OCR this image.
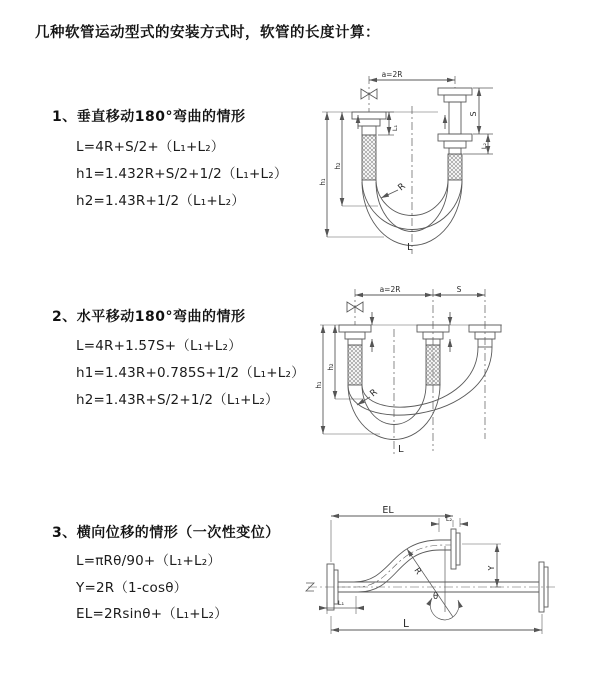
几种软管运动型式的安装方式时，软管的长度计算：
1、垂直移动180°弯曲的情形
L=4R+S/2+（L₁+L₂）
h1=1.432R+S/2+1/2（L₁+L₂）
h2=1.43R+1/2（L₁+L₂）
2、水平移动180°弯曲的情形
L=4R+1.57S+（L₁+L₂）
h1=1.43R+0.785S+1/2（L₁+L₂）
h2=1.43R+S/2+1/2（L₁+L₂）
3、横向位移的情形（一次性变位）
L=πRθ/90+（L₁+L₂）
Y=2R（1-cosθ）
EL=2Rsinθ+（L₁+L₂）
a=2R
L₁
S
L₂
h₂
h₁	R
L
a=2R	S
h₂
h₁
R
L
EL
L₂
Y
R
θ
L
L₁
